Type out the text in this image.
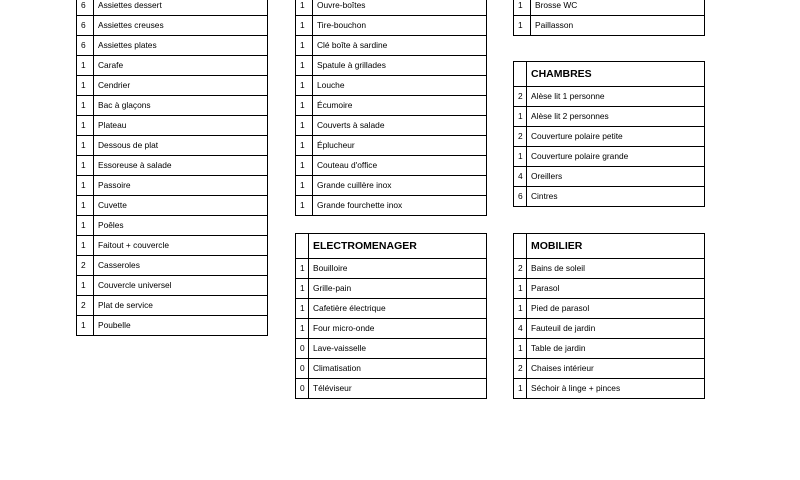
6	Assiettes dessert
6	Assiettes creuses
6	Assiettes plates
1	Carafe
1	Cendrier
1	Bac à glaçons
1	Plateau
1	Dessous de plat
1	Essoreuse à salade
1	Passoire
1	Cuvette
1	Poêles
1	Faitout + couvercle
2	Casseroles
1	Couvercle universel
2	Plat de service
1	Poubelle
1	Ouvre-boîtes
1	Tire-bouchon
1	Clé boîte à sardine
1	Spatule à grillades
1	Louche
1	Écumoire
1	Couverts à salade
1	Éplucheur
1	Couteau d'office
1	Grande cuillère inox
1	Grande fourchette inox
1	Brosse WC
1	Paillasson
	CHAMBRES
2	Alèse lit 1 personne
1	Alèse lit 2 personnes
2	Couverture polaire petite
1	Couverture polaire grande
4	Oreillers
6	Cintres
	ELECTROMENAGER
1	Bouilloire
1	Grille-pain
1	Cafetière électrique
1	Four micro-onde
0	Lave-vaisselle
0	Climatisation
0	Téléviseur
	MOBILIER
2	Bains de soleil
1	Parasol
1	Pied de parasol
4	Fauteuil de jardin
1	Table de jardin
2	Chaises intérieur
1	Séchoir à linge + pinces
